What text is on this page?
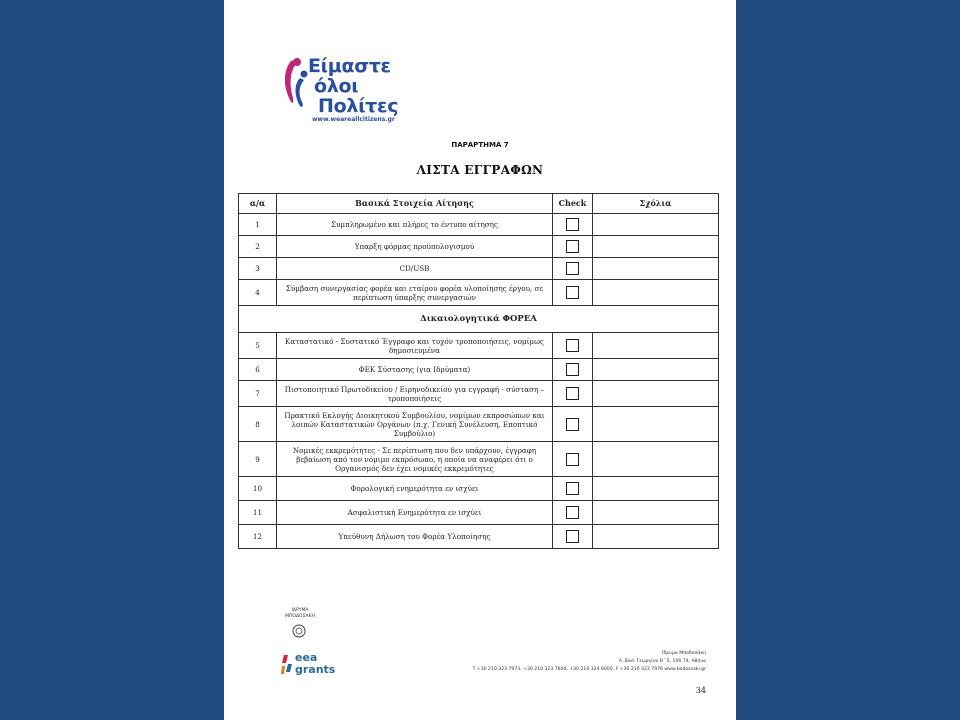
Είμαστε
όλοι
Πολίτες
www.weareallcitizens.gr
ΠΑΡΑΡΤΗΜΑ 7
ΛΙΣΤΑ ΕΓΓΡΑΦΩΝ
α/α	Βασικά Στοιχεία Αίτησης	Check	Σχόλια
1	Συμπληρωμένο και πλήρες το έντυπο αίτησης		
2	Υπαρξη φόρμας προϋπολογισμού		
3	CD/USB		
4	Σύμβαση συνεργασίας φορέα και εταίρου φορέα υλοποίησης έργου, σε περίπτωση ύπαρξης συνεργασιών		
Δικαιολογητικά ΦΟΡΕΑ			
5	Καταστατικό - Συστατικό Έγγραφο και τυχόν τροποποιήσεις, νομίμως δημοσιευμένα		
6	ΦΕΚ Σύστασης (για Ιδρύματα)		
7	Πιστοποιητικό Πρωτοδικείου / Ειρηνοδικείου για εγγραφή - σύσταση – τροποποιήσεις		
8	Πρακτικό Εκλογής Διοικητικού Συμβουλίου, νομίμων εκπροσώπων και λοιπών Καταστατικών Οργάνων (π.χ. Γενική Συνέλευση, Εποπτικό Συμβούλιο)		
9	Νομικές εκκρεμότητες - Σε περίπτωση που δεν υπάρχουν, έγγραφη βεβαίωση από τον νόμιμο εκπρόσωπο, η οποία να αναφέρει ότι ο Οργανισμός δεν έχει νομικές εκκρεμότητες		
10	Φορολογική ενημερότητα εν ισχύει		
11	Ασφαλιστική Ενημερότητα εν ισχύει		
12	Υπεύθυνη Δήλωση του Φορέα Υλοποίησης		
ΙΔΡΥΜΑ
ΜΠΟΔΟΣΑΚΗ
eea
grants
Ίδρυμα Μποδοσάκη
Λ. Βασ. Γεωργίου Β΄ 5, 106 74, Αθήνα
T +30 210 323 7973, +30 210 323 7604, +30 210 324 6000, F +30 210 323 7976 www.bodossaki.gr
34
